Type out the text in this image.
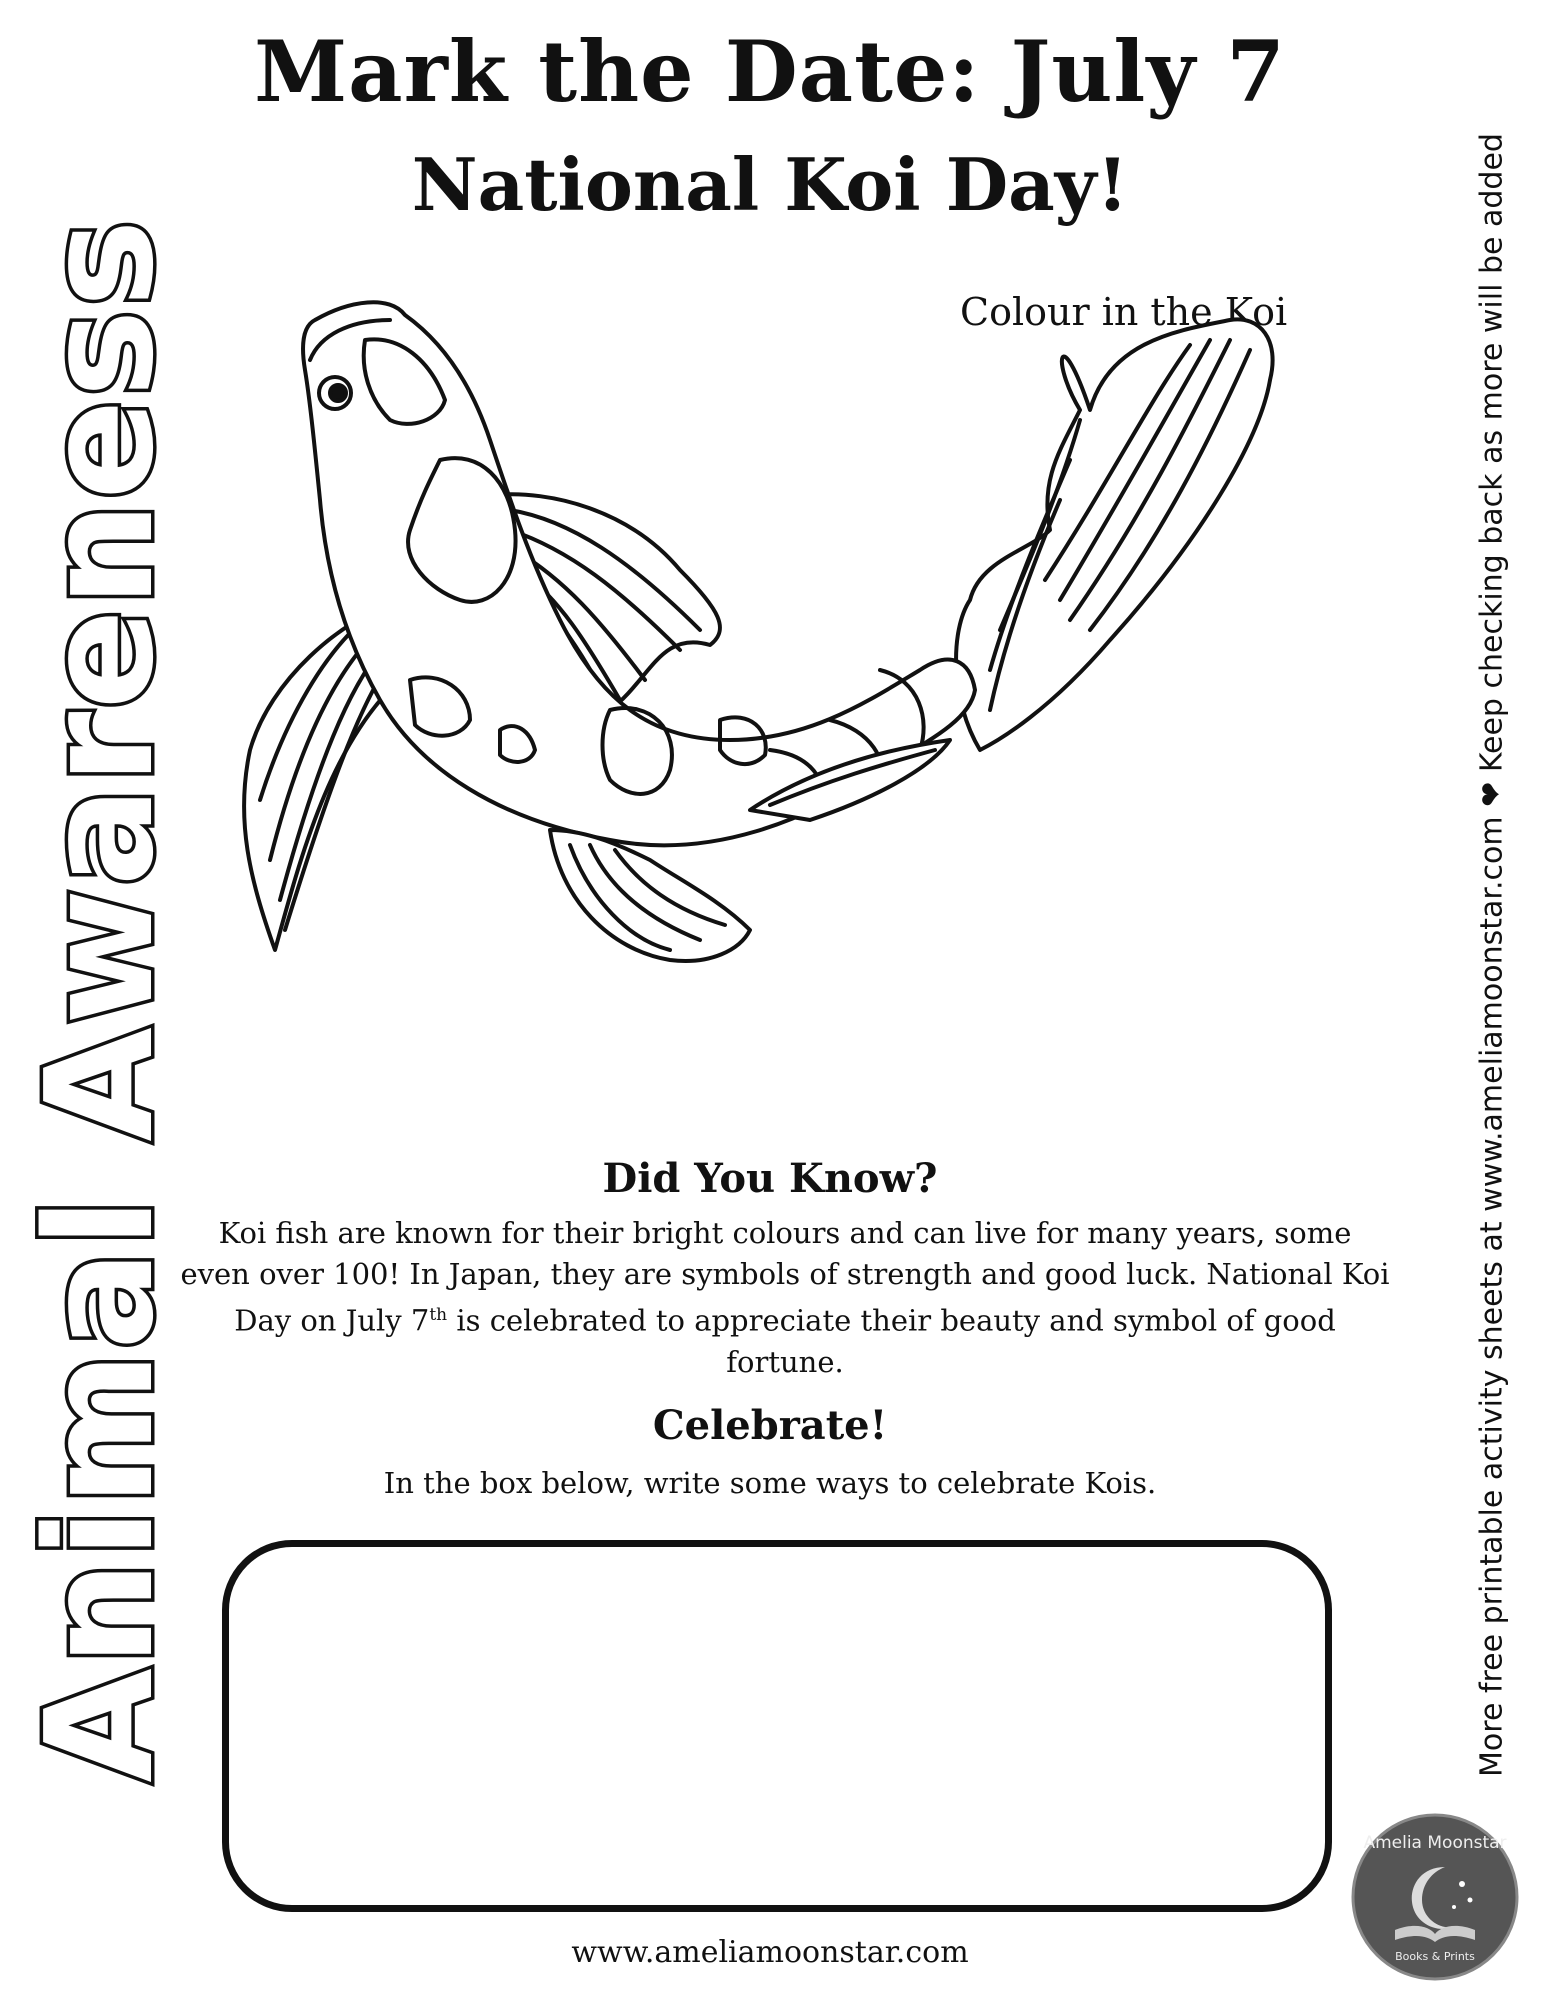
Mark the Date: July 7
National Koi Day!
Animal Awareness	More free printable activity sheets at www.ameliamoonstar.com ❤ Keep checking back as more will be added
Colour in the Koi
Did You Know?

Koi fish are known for their bright colours and can live for many years, some even over 100! In Japan, they are symbols of strength and good luck. National Koi Day on July 7th is celebrated to appreciate their beauty and symbol of good fortune.

Celebrate!

In the box below, write some ways to celebrate Kois.

Amelia Moonstar
Books & Prints

www.ameliamoonstar.com
